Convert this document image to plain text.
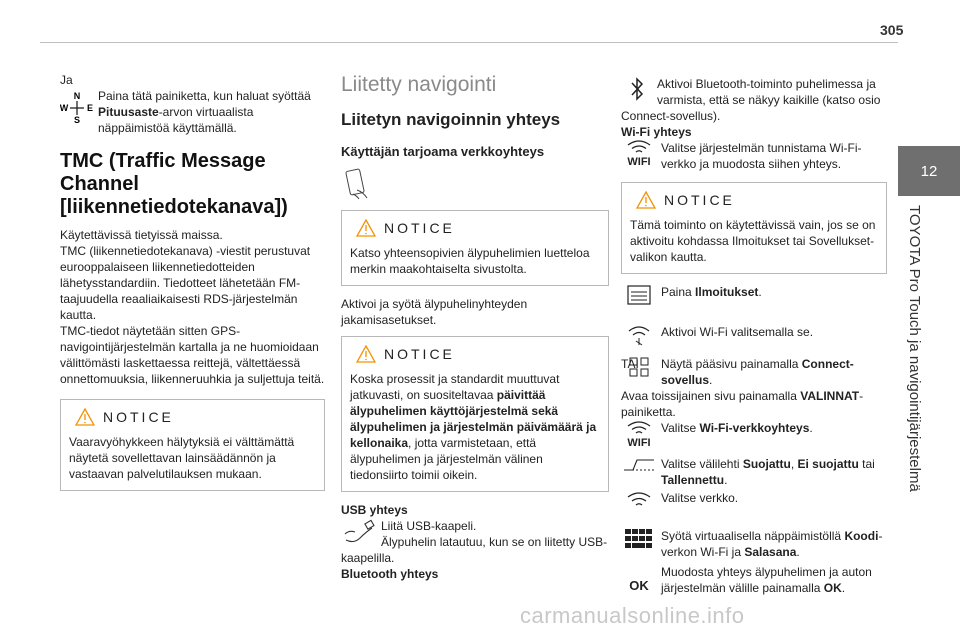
305
12
TOYOTA Pro Touch ja navigointijärjestelmä

Ja

N
S
W E
Paina tätä painiketta, kun haluat syöttää Pituusaste-arvon virtuaalista näppäimistöä käyttämällä.
TMC (Traffic Message Channel [liikennetiedotekanava])

Käytettävissä tietyissä maissa.
TMC (liikennetiedotekanava) -viestit perustuvat eurooppalaiseen liikennetiedotteiden lähetysstandardiin. Tiedotteet lähetetään FM-taajuudella reaaliaikaisesti RDS-järjestelmän kautta.
TMC-tiedot näytetään sitten GPS-navigointijärjestelmän kartalla ja ne huomioidaan välittömästi laskettaessa reittejä, vältettäessä onnettomuuksia, liikenneruuhkia ja suljettuja teitä.

NOTICE

Vaaravyöhykkeen hälytyksiä ei välttämättä näytetä sovellettavan lainsäädännön ja vastaavan palvelutilauksen mukaan.

Liitetty navigointi
Liitetyn navigoinnin yhteys
Käyttäjän tarjoama verkkoyhteys
NOTICE

Katso yhteensopivien älypuhelimien luetteloa merkin maakohtaiselta sivustolta.

Aktivoi ja syötä älypuhelinyhteyden jakamisasetukset.

NOTICE

Koska prosessit ja standardit muuttuvat jatkuvasti, on suositeltavaa päivittää älypuhelimen käyttöjärjestelmä sekä älypuhelimen ja järjestelmän päivämäärä ja kellonaika, jotta varmistetaan, että älypuhelimen ja järjestelmän välinen tiedonsiirto toimii oikein.

USB yhteys

Liitä USB-kaapeli.
Älypuhelin latautuu, kun se on liitetty USB-kaapelilla.

Bluetooth yhteys

Aktivoi Bluetooth-toiminto puhelimessa ja varmista, että se näkyy kaikille (katso osio Connect-sovellus).

Wi-Fi yhteys

WIFI
Valitse järjestelmän tunnistama Wi-Fi-verkko ja muodosta siihen yhteys.
NOTICE

Tämä toiminto on käytettävissä vain, jos se on aktivoitu kohdassa Ilmoitukset tai Sovellukset-valikon kautta.

Paina Ilmoitukset.
Aktivoi Wi-Fi valitsemalla se.

TAI	Näytä pääsivu painamalla Connect-sovellus.

Avaa toissijainen sivu painamalla VALINNAT-painiketta.

WIFI
Valitse Wi-Fi-verkkoyhteys.
Valitse välilehti Suojattu, Ei suojattu tai Tallennettu.
Valitse verkko.
Syötä virtuaalisella näppäimistöllä Koodi-verkon Wi-Fi ja Salasana.
OK
Muodosta yhteys älypuhelimen ja auton järjestelmän välille painamalla OK.
carmanualsonline.info
